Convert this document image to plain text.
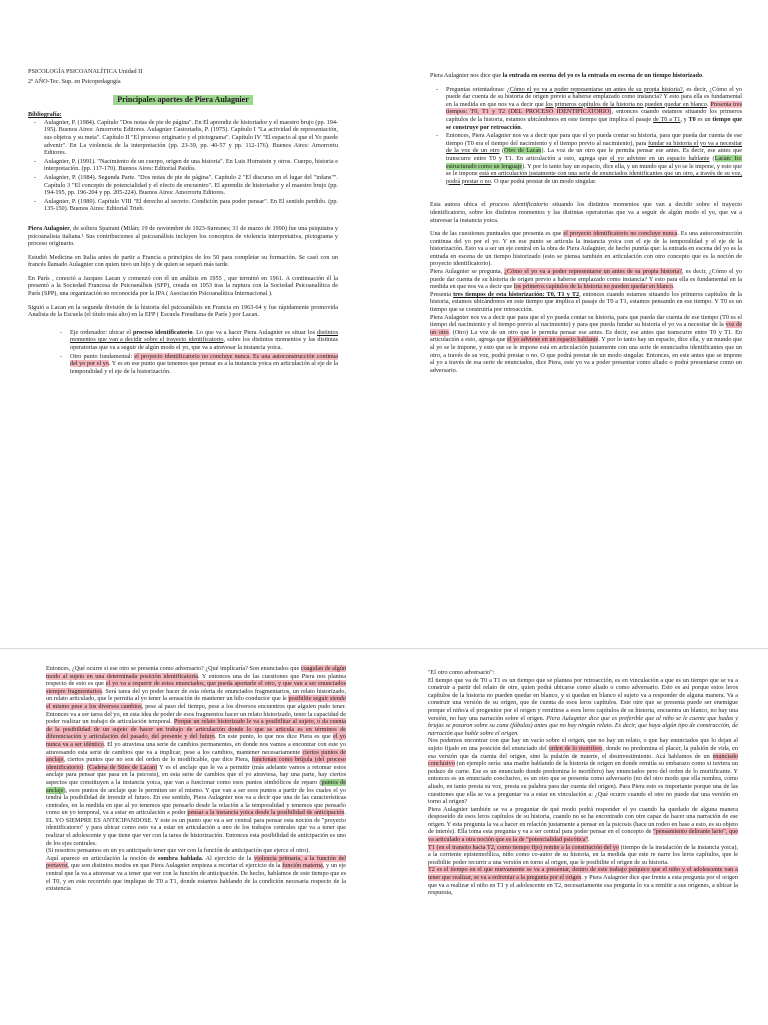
PSICOLOGÍA PSICOANALÍTICA Unidad II

2º AÑO-Tec. Sup. en Psicopedagogía

Principales aportes de Piera Aulagnier

Bibliografía:

- Aulagnier, P. (1984). Capítulo "Dos notas de pie de página". En El aprendiz de historiador y el maestro brujo (pp. 194-195). Buenos Aires: Amorrortu Editores. Aulagnier Castoriadis, P. (1975). Capítulo I "La actividad de representación, sus objetos y su meta". Capítulo II "El proceso originario y el pictograma". Capítulo IV "El espacio al que el Yo puede advenir". En La violencia de la interpretación (pp. 23-39, pp. 40-57 y pp. 112-176). Buenos Aires: Amorrortu Editores.
- Aulagnier, P. (1991). "Nacimiento de un cuerpo, origen de una historia". En Luis Hornstein y otros. Cuerpo, historia e interpretación. (pp. 117-170). Buenos Aires: Editorial Paidós.
- Aulagnier, P. (1984). Segunda Parte. "Dos notas de pie de página". Capítulo 2 "El discurso en el lugar del "infans"". Capítulo 3 "El concepto de potencialidad y el efecto de encuentro". El aprendiz de historiador y el maestro brujo (pp. 194-195, pp. 196-204 y pp. 205-224). Buenos Aires: Amorrortu Editores.
- Aulagnier, P. (1980). Capítulo VIII "El derecho al secreto. Condición para poder pensar". En El sentido perdido. (pp. 135-150). Buenos Aires: Editorial Trieb.

Piera Aulagnier, de soltera Spairani (Milán; 19 de noviembre de 1923-Suresnes; 31 de marzo de 1990) fue una psiquiatra y psicoanalista italiana.¹ Sus contribuciones al psicoanálisis incluyen los conceptos de violencia interpretativa, pictograma y proceso originario.

Estudió Medicina en Italia antes de partir a Francia a principios de los 50 para completar su formación. Se casó con un francés llamado Aulagnier con quien tuvo un hijo y de quien se separó más tarde.

En París , conoció a Jacques Lacan y comenzó con él un análisis en 1955 , que terminó en 1961. A continuación él la presentó a la Sociedad Francesa de Psicoanálisis (SFP), creada en 1953 tras la ruptura con la Sociedad Psicoanalítica de París (SPP), una organización no reconocida por la IPA ( Asociación Psicoanalítica Internacional ).

Siguió a Lacan en la segunda división de la historia del psicoanálisis en Francia en 1963-64 y fue rápidamente promovida Analista de la Escuela (el título más alto) en la EFP ( Escuela Freudiana de París ) por Lacan.

- Eje ordenador: ubicar el proceso identificatorio. Lo que va a hacer Piera Aulagnier es situar los distintos momentos que van a decidir sobre el trayecto identificatorio, sobre los distintos momentos y las distintas operatorias que va a seguir de algún modo el yo, que va a atravesar la instancia yoica.
- Otro punto fundamental: el proyecto identificatorio no concluye nunca. Es una autoconstrucción continua del yo por el yo. Y es en ese punto que tenemos que pensar es a la instancia yoica en articulación al eje de la temporalidad y el eje de la historización.

Piera Aulagnier nos dice que la entrada en escena del yo es la entrada en escena de un tiempo historizado.

- Preguntas orientadoras: ¿Cómo el yo va a poder representarse un antes de su propia historia?, es decir, ¿Cómo el yo puede dar cuenta de su historia de origen previo a haberse emplazado como instancia? Y esto para ella es fundamental en la medida en que nos va a decir que los primeros capítulos de la historia no pueden quedar en blanco. Presenta tres tiempos: T0, T1 y T2 (DEL PROCESO IDENTIFICATORIO), entonces cuando estamos situando los primeros capítulos de la historia, estamos ubicándonos en este tiempo que implica el pasaje de T0 a T1, y T0 es un tiempo que se construye por retroacción.
- Entonces, Piera Aulagnier nos va a decir que para que el yo pueda contar su historia, para que pueda dar cuenta de ese tiempo (T0 era el tiempo del nacimiento y el tiempo previo al nacimiento), para fundar su historia el yo va a necesitar de la voz de un otro (Otro de Lacan). La voz de un otro que le permita pensar ese antes. Es decir, ese antes que transcurre entre T0 y T1. En articulación a esto, agrega que el yo adviene en un espacio hablante (Lacan: Icc estructurado como un lenguaje). Y por lo tanto hay un espacio, dice ella, y un mundo que al yo se le impone, y esto que se le impone está en articulación justamente con una serie de enunciados identificantes que un otro, a través de su voz, podrá prestar o no. O que podrá prestar de un modo singular.

Esta autora ubica el proceso identificatorio situando los distintos momentos que van a decidir sobre el trayecto identificatorio, sobre los distintos momentos y las distintas operatorias que va a seguir de algún modo el yo, que va a atravesar la instancia yoica.

Una de las cuestiones puntuales que presenta es que el proyecto identificatorio no concluye nunca. Es una autoconstrucción continua del yo por el yo. Y en ese punto se articula la instancia yoica con el eje de la temporalidad y el eje de la historización. Esto va a ser un eje central en la obra de Piera Aulagnier, de hecho puntúa que: la entrada en escena del yo es la entrada en escena de un tiempo historizado (esto se piensa también en articulación con otro concepto que es la noción de proyecto identificatorio).

Piera Aulagnier se pregunta, ¿Cómo el yo va a poder representarse un antes de su propia historia?, es decir, ¿Cómo el yo puede dar cuenta de su historia de origen previo a haberse emplazado como instancia? Y esto para ella es fundamental en la medida en que nos va a decir que los primeros capítulos de la historia no pueden quedar en blanco.

Presenta tres tiempos de esta historización: T0, T1 y T2, entonces cuando estamos situando los primeros capítulos de la historia, estamos ubicándonos en este tiempo que implica el pasaje de T0 a T1, estamos pensando en ese tiempo. Y T0 es un tiempo que se construiría por retroacción.

Piera Aulagnier nos va a decir que para que el yo pueda contar su historia, para que pueda dar cuenta de ese tiempo (T0 es el tiempo del nacimiento y el tiempo previo al nacimiento) y para que pueda fundar su historia el yo va a necesitar de la voz de un otro. (Otro) La voz de un otro que le permita pensar ese antes. Es decir, ese antes que transcurre entre T0 y T1. En articulación a esto, agrega que el yo adviene en un espacio hablante. Y por lo tanto hay un espacio, dice ella, y un mundo que al yo se le impone, y esto que se le impone está en articulación justamente con una serie de enunciados identificantes que un otro, a través de su voz, podrá prestar o no. O que podrá prestar de un modo singular. Entonces, en este antes que se impone al yo a través de esa serie de enunciados, dice Piera, este yo va a poder presentar como aliado o podrá presentarse como un adversario.

Entonces, ¿Qué ocurre si ese otro se presenta como adversario? ¿Qué implicaría? Son enunciados que coagulan de algún modo al sujeto en una determinada posición identificatoria. Y entonces una de las cuestiones que Piera nos plantea respecto de esto es que el yo va a requerir de estos enunciados, que pueda aportarle el otro, y que van a ser enunciados siempre fragmentarios. Será tarea del yo poder hacer de esta oferta de enunciados fragmentarios, un relato historizado, un relato articulado, que le permita al yo tener la sensación de mantener un hilo conductor que le posibilite seguir siendo el mismo pese a los diversos cambios, pese al paso del tiempo, pese a los diversos encuentros que alguien pudo tener. Entonces va a ser tarea del yo, en esta idea de poder de esos fragmentos hacer un relato historizado, tener la capacidad de poder realizar un trabajo de articulación temporal. Porque un relato historizado le va a posibilitar al sujeto, o da cuenta de la posibilidad de un sujeto de hacer un trabajo de articulación donde lo que se articula es en términos de diferenciación y articulación del pasado, del presente y del futuro. En este punto, lo que nos dice Piera es que el yo nunca va a ser idéntico. El yo atraviesa una serie de cambios permanentes, en donde nos vamos a encontrar con este yo atravesando esta serie de cambios que va a implicar, pese a los cambios, mantener necesariamente ciertos puntos de anclaje, ciertos puntos que no son del orden de lo modificable, que dice Piera, funcionan como brújula (del proceso identificatorio): (Cadena de Sties de Lacan) Y es el anclaje que le va a permitir (más adelante vamos a retomar estos anclaje para pensar que pasa en la psicosis), en esta serie de cambios que el yo atraviesa, hay una parte, hay ciertos aspectos que constituyen a la instancia yoica, que van a funcionar como esos puntos simbólicos de reparo (puntos de anclaje), esos puntos de anclaje que le permiten ser el mismo. Y que van a ser esos puntos a partir de los cuales el yo tendrá la posibilidad de investir el futuro. En ese sentido, Piera Aulagnier nos va a decir que una de las características centrales, en la medida en que al yo tenemos que pensarlo desde la relación a la temporalidad y tenemos que pensarlo como un yo temporal, va a estar en articulación a poder pensar a la instancia yoica desde la posibilidad de anticipación. EL YO SIEMPRE ES ANTICIPANDOSE. Y este es un punto que va a ser central para pensar esta noción de "proyecto identificatorio" y para ubicar como esto va a estar en articulación a uno de los trabajos centrales que va a tener que realizar el adolescente y que tiene que ver con la tarea de historización. Entonces esta posibilidad de anticipación es uno de los ejes centrales.

(Si nosotros pensamos en un yo anticipado tener que ver con la función de anticipación que ejerce el otro).

Aquí aparece en articulación la noción de sombra hablada. Al ejercicio de la violencia primaria, a la función del portavoz, que son distintos modos en que Piera Aulagnier empieza a recortar el ejercicio de la función materna, y un eje central que la va a atravesar va a tener que ver con la función de anticipación. De hecho, hablamos de este tiempo que es el T0, y en este recorrido que implique de T0 a T1, donde estamos hablando de la condición necesaria respecto de la existencia

"El otro como adversario":

El tiempo que va de T0 a T1 es un tiempo que se plantea por retroacción, es en vinculación a que es un tiempo que se va a construir a partir del relato de otre, quien podrá ubicarse como aliado o como adversario. Esto es así porque estos leros capítulos de la historia no pueden quedar en blanco, y si quedan en blanco el sujeto va a responder de alguna manera. Va a construir una versión de su origen, que de cuenta de esos leros capítulos. Este otre que se presenta puede ser enemigue porque el niño/a el progenitor por el origen y remitirse a esos leros capítulos de su historia, encuentra un blanco, no hay una versión, no hay una narración sobre el origen. Piera Aulagnier dice que es preferible que al niño se le cuente que hadas y brujas se posaron sobre su cuna (fábulas) antes que no hay ningún relato. Es decir, que haya algún tipo de construcción, de narración que hable sobre el origen.

Nos podemos encontrar con que hay un vacío sobre el origen, que no hay un relato, o que hay enunciados que lo dejan al sujeto fijado en una posición del enunciado del orden de lo mortífero, donde no predomina el placer, la pulsión de vida, en esa versión que da cuenta del origen, sino la pulsión de muerte, el desinvestimiento. Acá hablamos de un enunciado conclusivo (un ejemplo sería: una madre hablando de la historia de origen en donde remitía su embarazo como si tuviera un pedazo de carne. Ese es un enunciado donde predomina lo mortífero) hay enunciados pero del orden de lo mortificante. Y entonces es un enunciado conclusivo, es un otro que se presenta como adversario (no del otro modo que ella nombra, como aliado, en tanto presta su voz, presta su palabra para dar cuenta del origen). Para Piera esto es importante porque una de las cuestiones que ella se va a preguntar va a estar en vinculación a: ¿Qué ocurre cuando el otre no puede dar una versión en torno al origen?

Piera Aulagnier también se va a preguntar de qué modo podrá responder el yo cuando ha quedado de alguna manera desposeído de esos leros capítulos de su historia, cuando no se ha encontrado con otre capaz de hacer una narración de ese origen. Y esta pregunta la va a hacer en relación justamente a pensar en la psicosis (hace un rodeo en base a esto, es su objeto de interés). Ella toma esta pregunta y va a ser central para poder pensar en el concepto de "pensamiento delirante lario", que va articulado a otra noción que es la de "potencialidad psicótica".

T1 (en el transito hacia T2, como tiempo fijo) remite a la constitución del yo (tiempo de la instalación de la instancia yoica), a la corriente epistemofílica, niño como co-autor de su historia, en la medida que este re narre los leros capítulos, que le posibilite poder recurrir a una versión en torno al origen, que le posibilite el origen de su historia.

T2 es el tiempo en el que nuevamente se va a presentar, dentro de este trabajo psíquico que el niño y el adolescente van a tener que realizar, se va a enfrentar a la pregunta por el origen. y Piera Aulagnier dice que frente a esta pregunta por el origen que va a realizar el niño en T1 y el adolescente en T2, necesariamente esa pregunta lo va a remitir a sus orígenes, a ubicar la respuesta,
